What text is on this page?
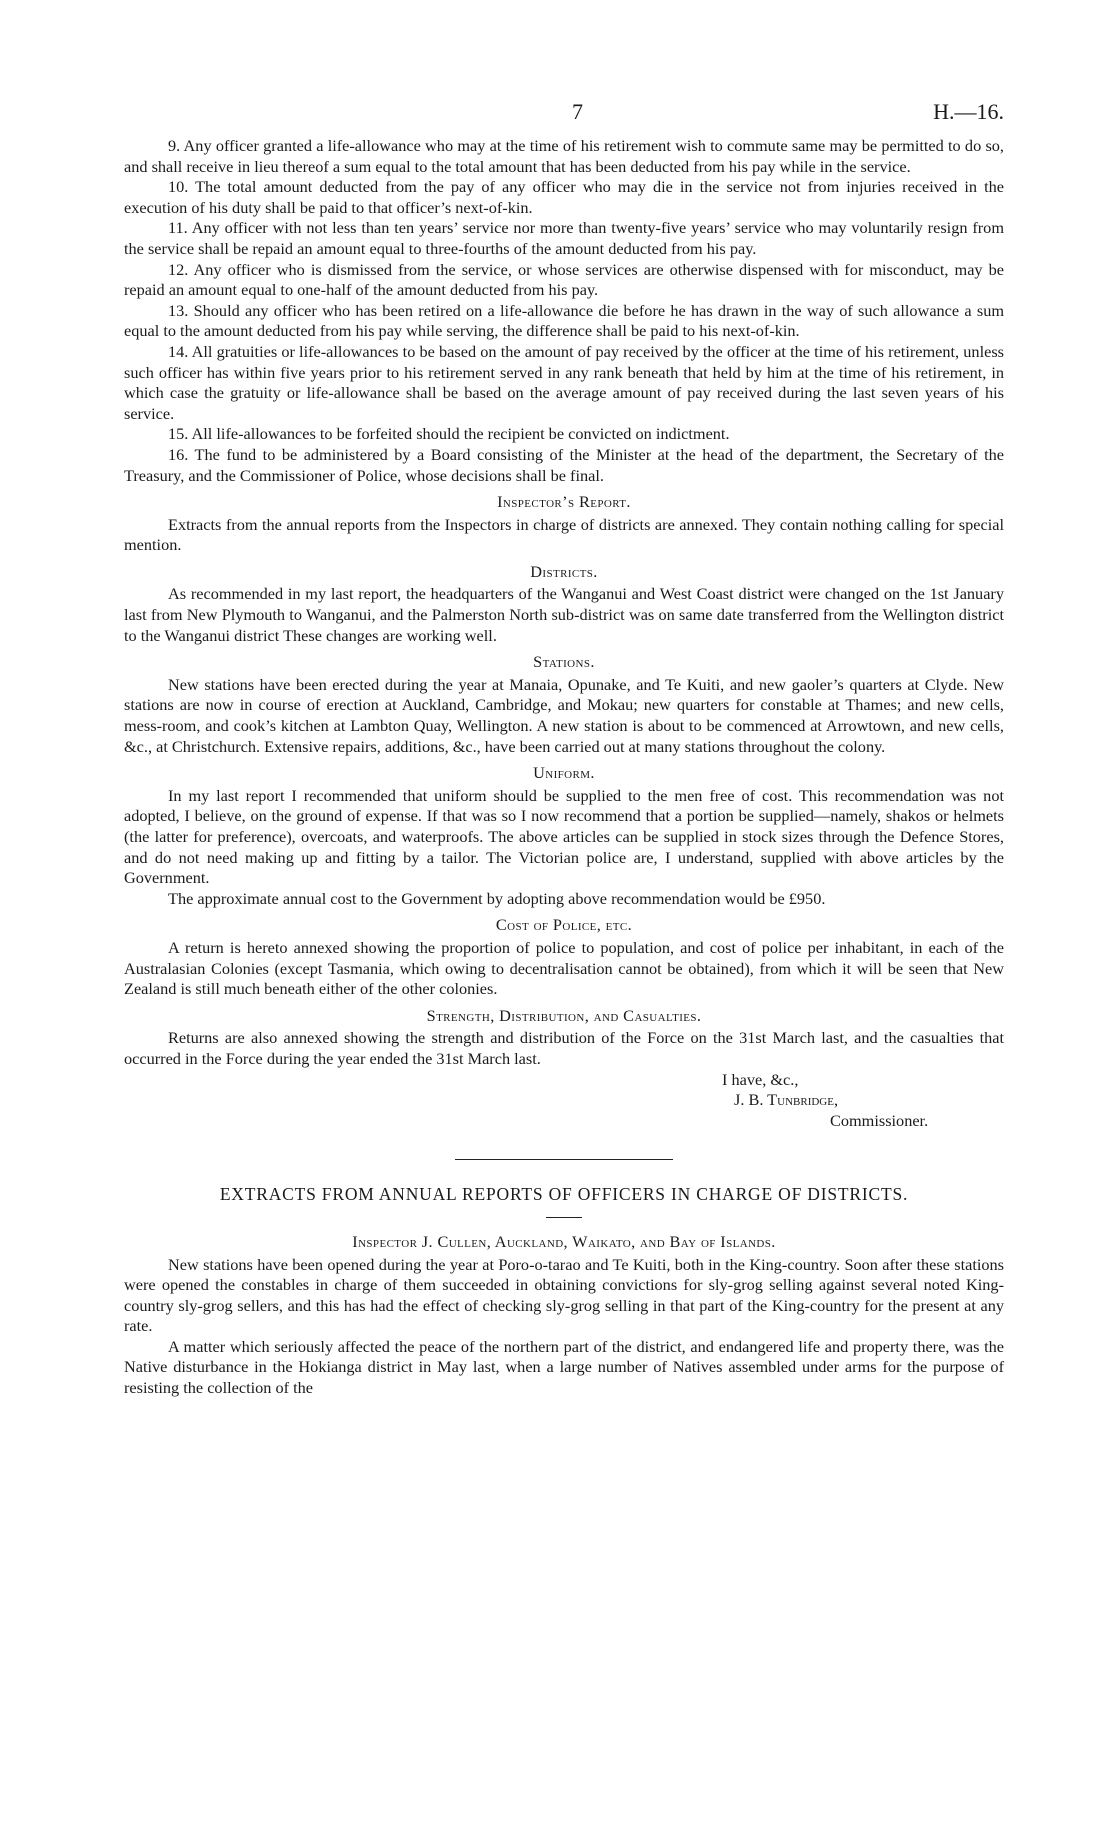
7	H.—16.

9. Any officer granted a life-allowance who may at the time of his retirement wish to commute same may be permitted to do so, and shall receive in lieu thereof a sum equal to the total amount that has been deducted from his pay while in the service.

10. The total amount deducted from the pay of any officer who may die in the service not from injuries received in the execution of his duty shall be paid to that officer’s next-of-kin.

11. Any officer with not less than ten years’ service nor more than twenty-five years’ service who may voluntarily resign from the service shall be repaid an amount equal to three-fourths of the amount deducted from his pay.

12. Any officer who is dismissed from the service, or whose services are otherwise dispensed with for misconduct, may be repaid an amount equal to one-half of the amount deducted from his pay.

13. Should any officer who has been retired on a life-allowance die before he has drawn in the way of such allowance a sum equal to the amount deducted from his pay while serving, the difference shall be paid to his next-of-kin.

14. All gratuities or life-allowances to be based on the amount of pay received by the officer at the time of his retirement, unless such officer has within five years prior to his retirement served in any rank beneath that held by him at the time of his retirement, in which case the gratuity or life-allowance shall be based on the average amount of pay received during the last seven years of his service.

15. All life-allowances to be forfeited should the recipient be convicted on indictment.

16. The fund to be administered by a Board consisting of the Minister at the head of the department, the Secretary of the Treasury, and the Commissioner of Police, whose decisions shall be final.

Inspector’s Report.

Extracts from the annual reports from the Inspectors in charge of districts are annexed. They contain nothing calling for special mention.

Districts.

As recommended in my last report, the headquarters of the Wanganui and West Coast district were changed on the 1st January last from New Plymouth to Wanganui, and the Palmerston North sub-district was on same date transferred from the Wellington district to the Wanganui district These changes are working well.

Stations.

New stations have been erected during the year at Manaia, Opunake, and Te Kuiti, and new gaoler’s quarters at Clyde. New stations are now in course of erection at Auckland, Cambridge, and Mokau; new quarters for constable at Thames; and new cells, mess-room, and cook’s kitchen at Lambton Quay, Wellington. A new station is about to be commenced at Arrowtown, and new cells, &c., at Christchurch. Extensive repairs, additions, &c., have been carried out at many stations throughout the colony.

Uniform.

In my last report I recommended that uniform should be supplied to the men free of cost. This recommendation was not adopted, I believe, on the ground of expense. If that was so I now recommend that a portion be supplied—namely, shakos or helmets (the latter for preference), overcoats, and waterproofs. The above articles can be supplied in stock sizes through the Defence Stores, and do not need making up and fitting by a tailor. The Victorian police are, I understand, supplied with above articles by the Government.

The approximate annual cost to the Government by adopting above recommendation would be £950.

Cost of Police, etc.

A return is hereto annexed showing the proportion of police to population, and cost of police per inhabitant, in each of the Australasian Colonies (except Tasmania, which owing to decentralisation cannot be obtained), from which it will be seen that New Zealand is still much beneath either of the other colonies.

Strength, Distribution, and Casualties.

Returns are also annexed showing the strength and distribution of the Force on the 31st March last, and the casualties that occurred in the Force during the year ended the 31st March last.

I have, &c.,
J. B. Tunbridge,
Commissioner.
EXTRACTS FROM ANNUAL REPORTS OF OFFICERS IN CHARGE OF DISTRICTS.
Inspector J. Cullen, Auckland, Waikato, and Bay of Islands.

New stations have been opened during the year at Poro-o-tarao and Te Kuiti, both in the King-country. Soon after these stations were opened the constables in charge of them succeeded in obtaining convictions for sly-grog selling against several noted King-country sly-grog sellers, and this has had the effect of checking sly-grog selling in that part of the King-country for the present at any rate.

A matter which seriously affected the peace of the northern part of the district, and endangered life and property there, was the Native disturbance in the Hokianga district in May last, when a large number of Natives assembled under arms for the purpose of resisting the collection of the
